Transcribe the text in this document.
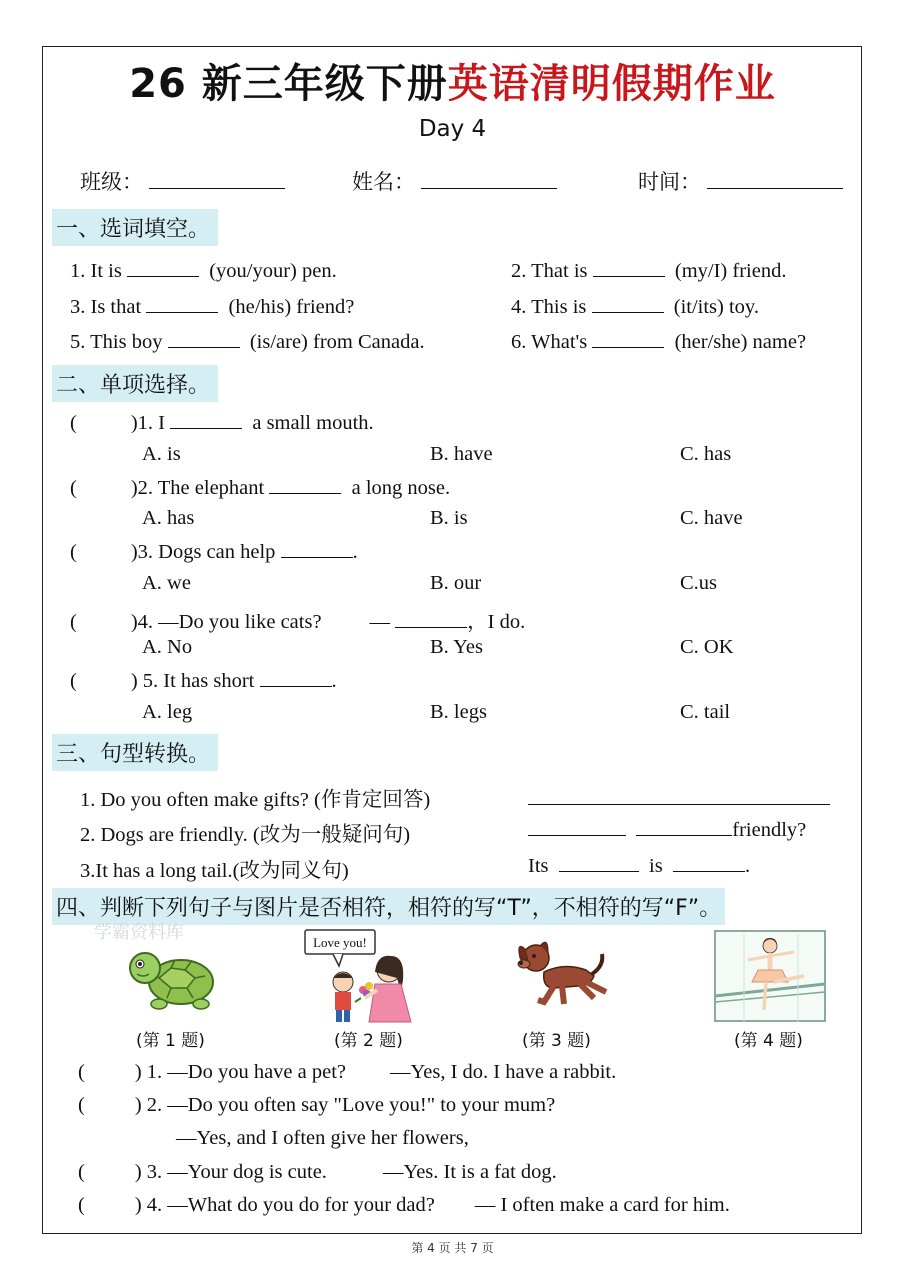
26 新三年级下册英语清明假期作业
Day 4
班级：	姓名：	时间：
一、选词填空。
1. It is	(you/your) pen.	2. That is	(my/I) friend.
3. Is that	(he/his) friend?	4. This is	(it/its) toy.
5. This boy	(is/are) from Canada.	6. What's	(her/she) name?
二、单项选择。
(	)1. I	a small mouth.
A. is	B. have	C. has
(	)2. The elephant	a long nose.
A. has	B. is	C. have
(	)3. Dogs can help	.
A. we	B. our	C.us
(	)4. —Do you like cats? —	，I do.
A. No	B. Yes	C. OK
(	) 5. It has short	.
A. leg	B. legs	C. tail
三、句型转换。
1. Do you often make gifts? (作肯定回答)
2. Dogs are friendly. (改为一般疑问句)	friendly?
3.It has a long tail.(改为同义句)	Its	is	.
四、判断下列句子与图片是否相符，相符的写“T”，不相符的写“F”。
学霸资料库	Love you!
(第 1 题)	(第 2 题)	(第 3 题)	(第 4 题)
( ) 1. —Do you have a pet? —Yes, I do. I have a rabbit.
( ) 2. —Do you often say "Love you!" to your mum?
—Yes, and I often give her flowers,
( ) 3. —Your dog is cute.	—Yes. It is a fat dog.
( ) 4. —What do you do for your dad? — I often make a card for him.
第 4 页 共 7 页
